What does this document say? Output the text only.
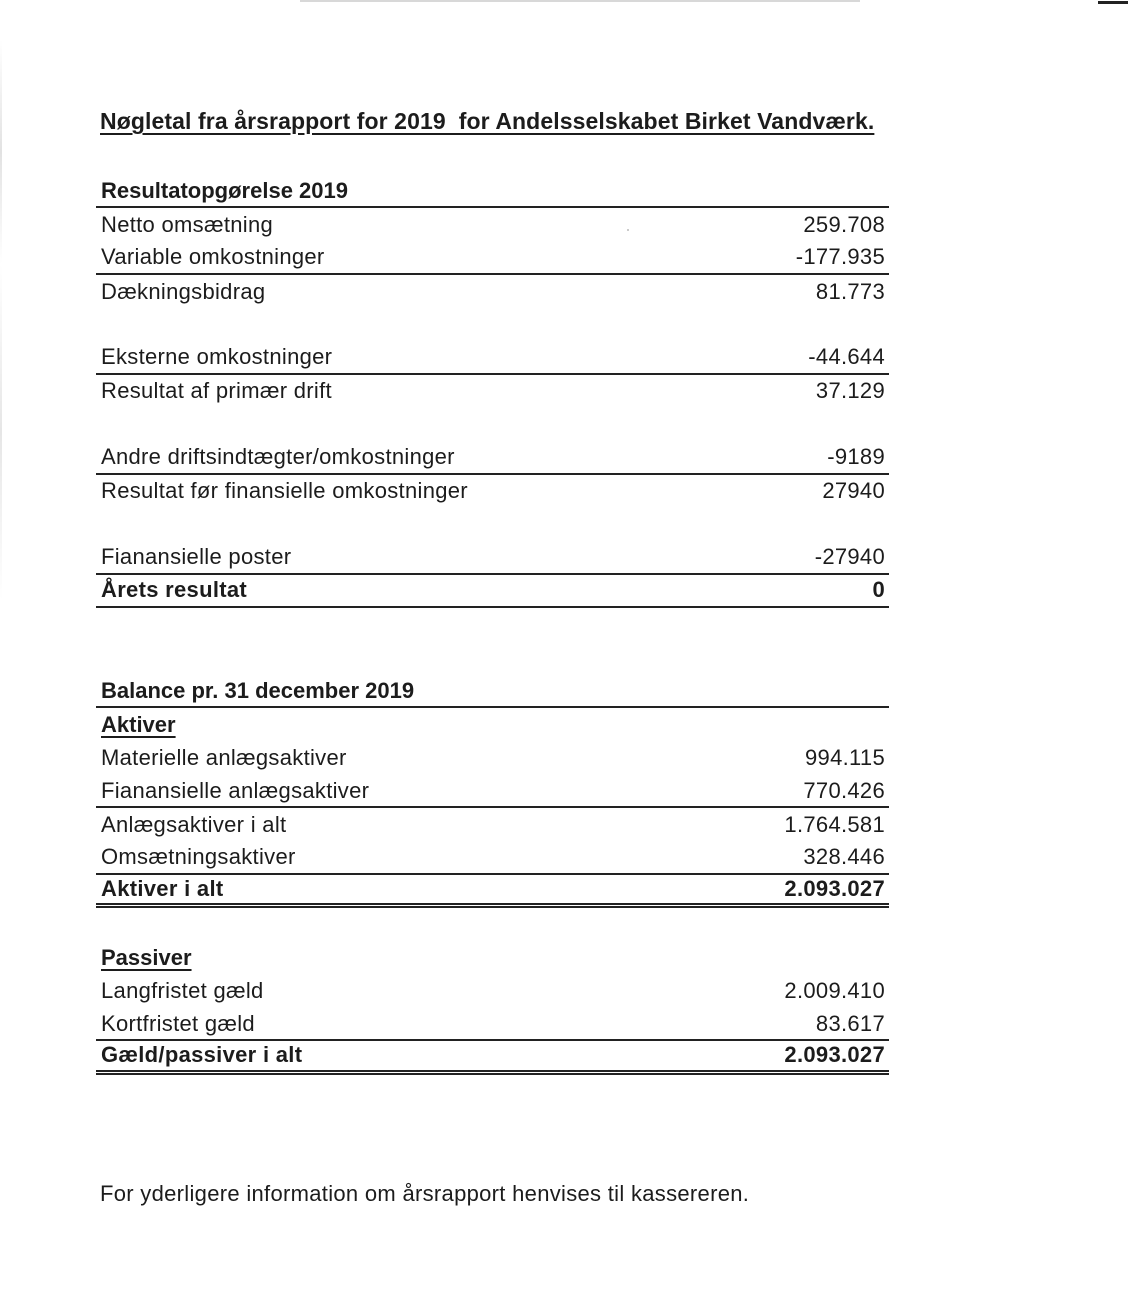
Nøgletal fra årsrapport for 2019  for Andelsselskabet Birket Vandværk.
Resultatopgørelse 2019
Netto omsætning	259.708
Variable omkostninger	-177.935
Dækningsbidrag	81.773
Eksterne omkostninger	-44.644
Resultat af primær drift	37.129
Andre driftsindtægter/omkostninger	-9189
Resultat før finansielle omkostninger	27940
Fianansielle poster	-27940
Årets resultat	0
Balance pr. 31 december 2019
Aktiver
Materielle anlægsaktiver	994.115
Fianansielle anlægsaktiver	770.426
Anlægsaktiver i alt	1.764.581
Omsætningsaktiver	328.446
Aktiver i alt	2.093.027
Passiver
Langfristet gæld	2.009.410
Kortfristet gæld	83.617
Gæld/passiver i alt	2.093.027
For yderligere information om årsrapport henvises til kassereren.
